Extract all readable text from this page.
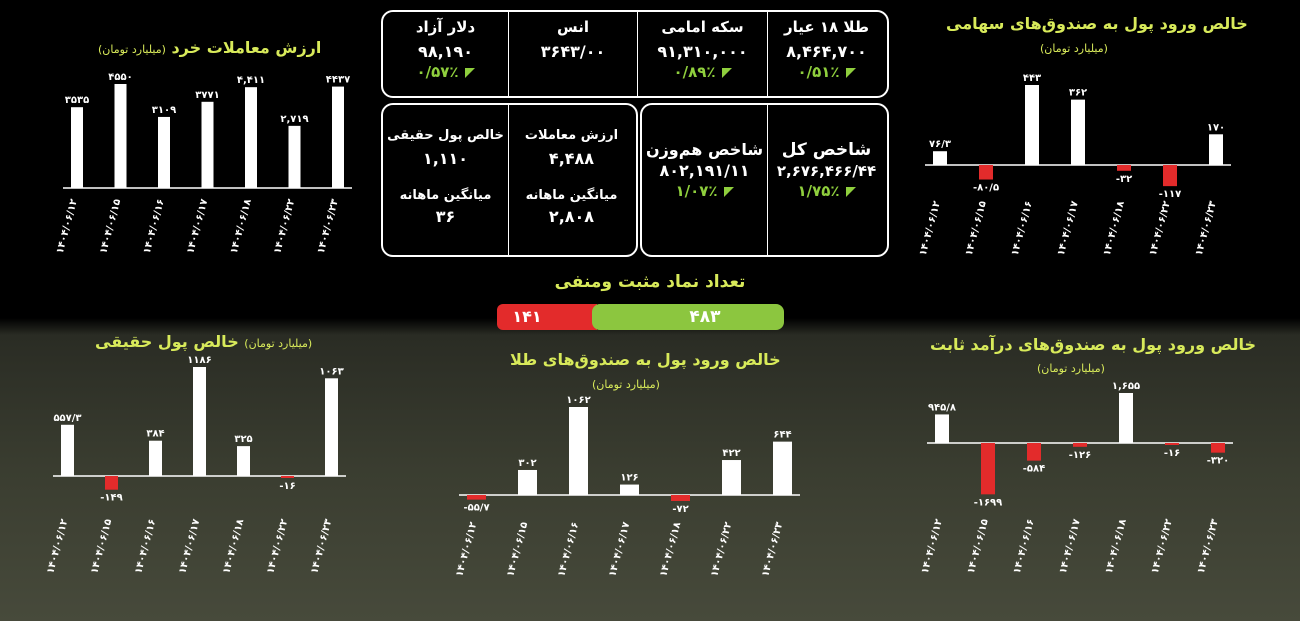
ارزش معاملات خرد (میلیارد تومان)
۳۵۳۵
۱۴۰۴/۰۶/۱۲
۴۵۵۰
۱۴۰۴/۰۶/۱۵
۳۱۰۹
۱۴۰۴/۰۶/۱۶
۳۷۷۱
۱۴۰۴/۰۶/۱۷
۴,۴۱۱
۱۴۰۴/۰۶/۱۸
۲,۷۱۹
۱۴۰۴/۰۶/۲۲
۴۴۳۷
۱۴۰۴/۰۶/۲۳
خالص ورود پول به صندوق‌های سهامی
(میلیارد تومان)
۷۶/۳
۱۴۰۴/۰۶/۱۲
-۸۰/۵
۱۴۰۴/۰۶/۱۵
۴۴۳
۱۴۰۴/۰۶/۱۶
۳۶۲
۱۴۰۴/۰۶/۱۷
-۳۲
۱۴۰۴/۰۶/۱۸
-۱۱۷
۱۴۰۴/۰۶/۲۲
۱۷۰
۱۴۰۴/۰۶/۲۳
دلار آزاد
۹۸,۱۹۰
۰/۵۷٪
انس
۳۶۴۳/۰۰
سکه امامی
۹۱,۳۱۰,۰۰۰
۰/۸۹٪
طلا ۱۸ عیار
۸,۴۶۴,۷۰۰
۰/۵۱٪
خالص پول حقیقی
۱,۱۱۰
میانگین ماهانه
۳۶
ارزش معاملات
۴,۴۸۸
میانگین ماهانه
۲,۸۰۸
شاخص هم‌وزن
۸۰۲,۱۹۱/۱۱
۱/۰۷٪
شاخص کل
۲,۶۷۶,۴۶۶/۴۴
۱/۷۵٪
تعداد نماد مثبت ومنفی
۱۴۱	۴۸۳
(میلیارد تومان) خالص پول حقیقی
۵۵۷/۳
۱۴۰۴/۰۶/۱۲
-۱۴۹
۱۴۰۴/۰۶/۱۵
۳۸۴
۱۴۰۴/۰۶/۱۶
۱۱۸۶
۱۴۰۴/۰۶/۱۷
۳۲۵
۱۴۰۴/۰۶/۱۸
-۱۶
۱۴۰۴/۰۶/۲۲
۱۰۶۳
۱۴۰۴/۰۶/۲۳
خالص ورود پول به صندوق‌های طلا
(میلیارد تومان)
-۵۵/۷
۱۴۰۴/۰۶/۱۲
۳۰۲
۱۴۰۴/۰۶/۱۵
۱۰۶۲
۱۴۰۴/۰۶/۱۶
۱۲۶
۱۴۰۴/۰۶/۱۷
-۷۲
۱۴۰۴/۰۶/۱۸
۴۲۲
۱۴۰۴/۰۶/۲۲
۶۴۴
۱۴۰۴/۰۶/۲۳
خالص ورود پول به صندوق‌های درآمد ثابت
(میلیارد تومان)
۹۴۵/۸
۱۴۰۴/۰۶/۱۲
-۱۶۹۹
۱۴۰۴/۰۶/۱۵
-۵۸۴
۱۴۰۴/۰۶/۱۶
-۱۲۶
۱۴۰۴/۰۶/۱۷
۱,۶۵۵
۱۴۰۴/۰۶/۱۸
-۱۶
۱۴۰۴/۰۶/۲۲
-۳۲۰
۱۴۰۴/۰۶/۲۳
